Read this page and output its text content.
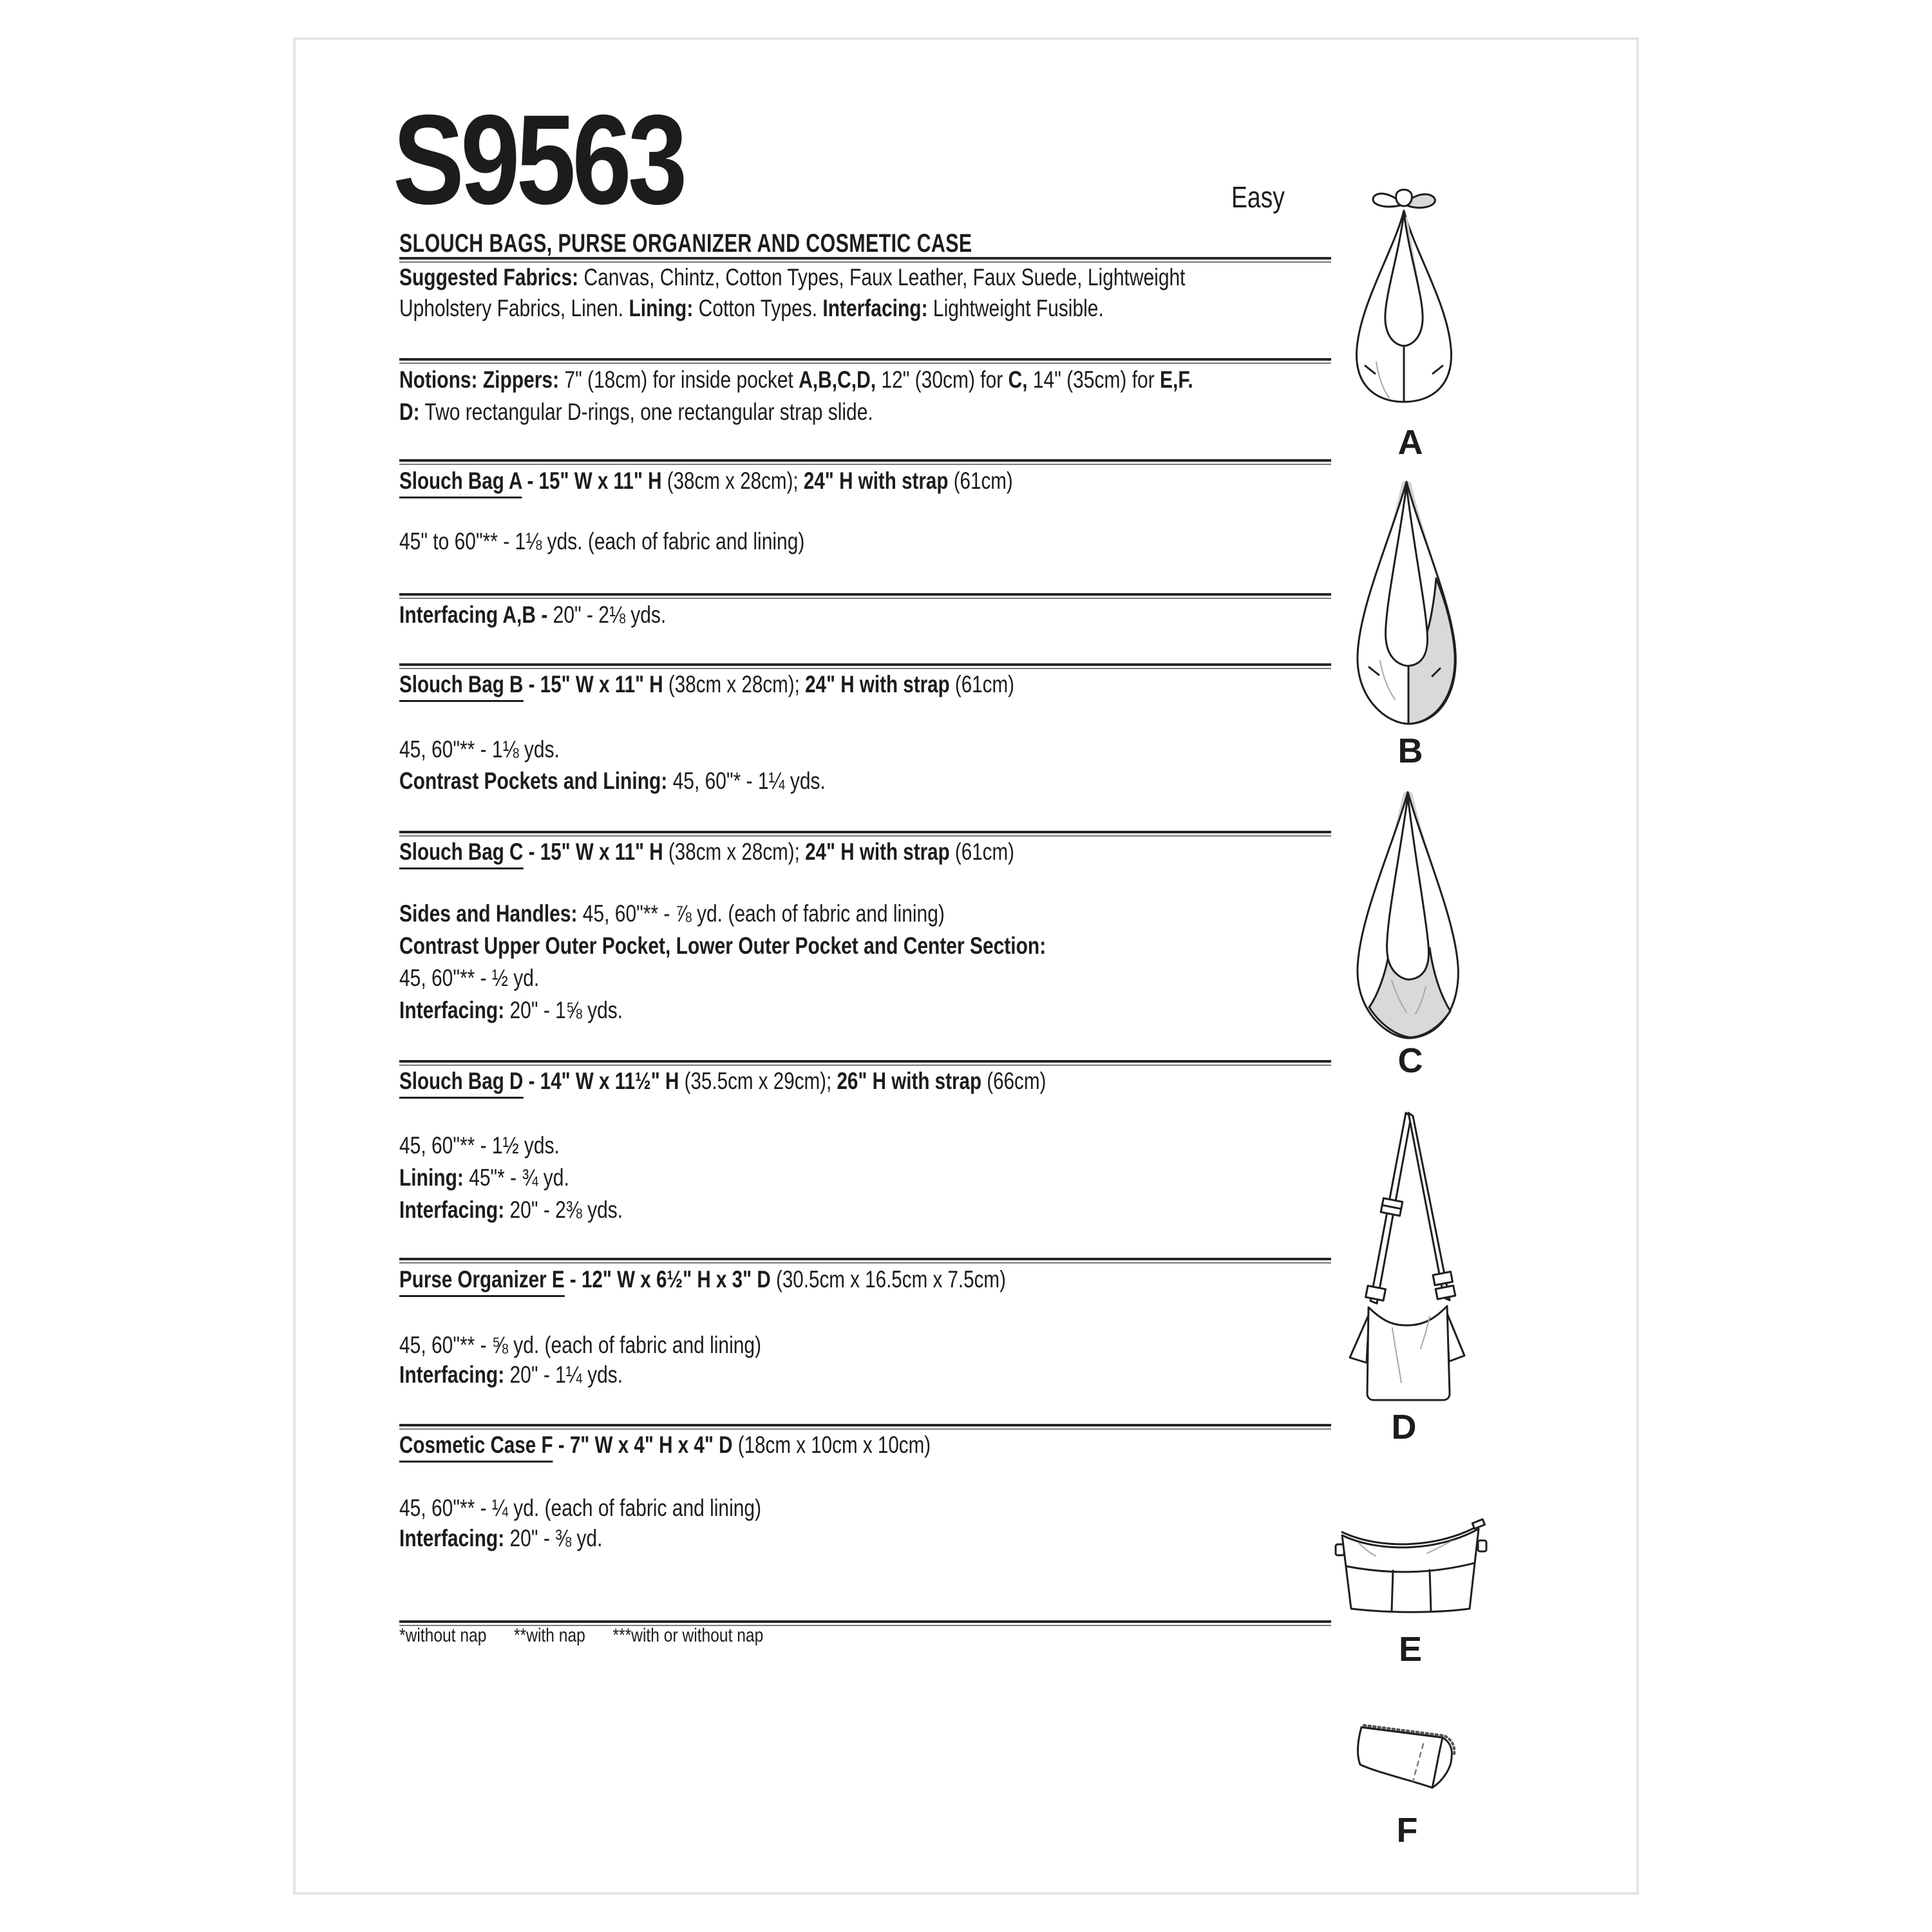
S9563	Easy
SLOUCH BAGS, PURSE ORGANIZER AND COSMETIC CASE
Suggested Fabrics: Canvas, Chintz, Cotton Types, Faux Leather, Faux Suede, Lightweight
Upholstery Fabrics, Linen. Lining: Cotton Types. Interfacing: Lightweight Fusible.
Notions: Zippers: 7" (18cm) for inside pocket A,B,C,D, 12" (30cm) for C, 14" (35cm) for E,F.
D: Two rectangular D-rings, one rectangular strap slide.
Slouch Bag A - 15" W x 11" H (38cm x 28cm); 24" H with strap (61cm)
45" to 60"** - 1⅛ yds. (each of fabric and lining)
Interfacing A,B - 20" - 2⅛ yds.
Slouch Bag B - 15" W x 11" H (38cm x 28cm); 24" H with strap (61cm)
45, 60"** - 1⅛ yds.
Contrast Pockets and Lining: 45, 60"* - 1¼ yds.
Slouch Bag C - 15" W x 11" H (38cm x 28cm); 24" H with strap (61cm)
Sides and Handles: 45, 60"** - ⅞ yd. (each of fabric and lining)
Contrast Upper Outer Pocket, Lower Outer Pocket and Center Section:
45, 60"** - ½ yd.
Interfacing: 20" - 1⅝ yds.
Slouch Bag D - 14" W x 11½" H (35.5cm x 29cm); 26" H with strap (66cm)
45, 60"** - 1½ yds.
Lining: 45"* - ¾ yd.
Interfacing: 20" - 2⅜ yds.
Purse Organizer E - 12" W x 6½" H x 3" D (30.5cm x 16.5cm x 7.5cm)
45, 60"** - ⅝ yd. (each of fabric and lining)
Interfacing: 20" - 1¼ yds.
Cosmetic Case F - 7" W x 4" H x 4" D (18cm x 10cm x 10cm)
45, 60"** - ¼ yd. (each of fabric and lining)
Interfacing: 20" - ⅜ yd.
*without nap **with nap ***with or without nap
A
B
C
D
E
F
